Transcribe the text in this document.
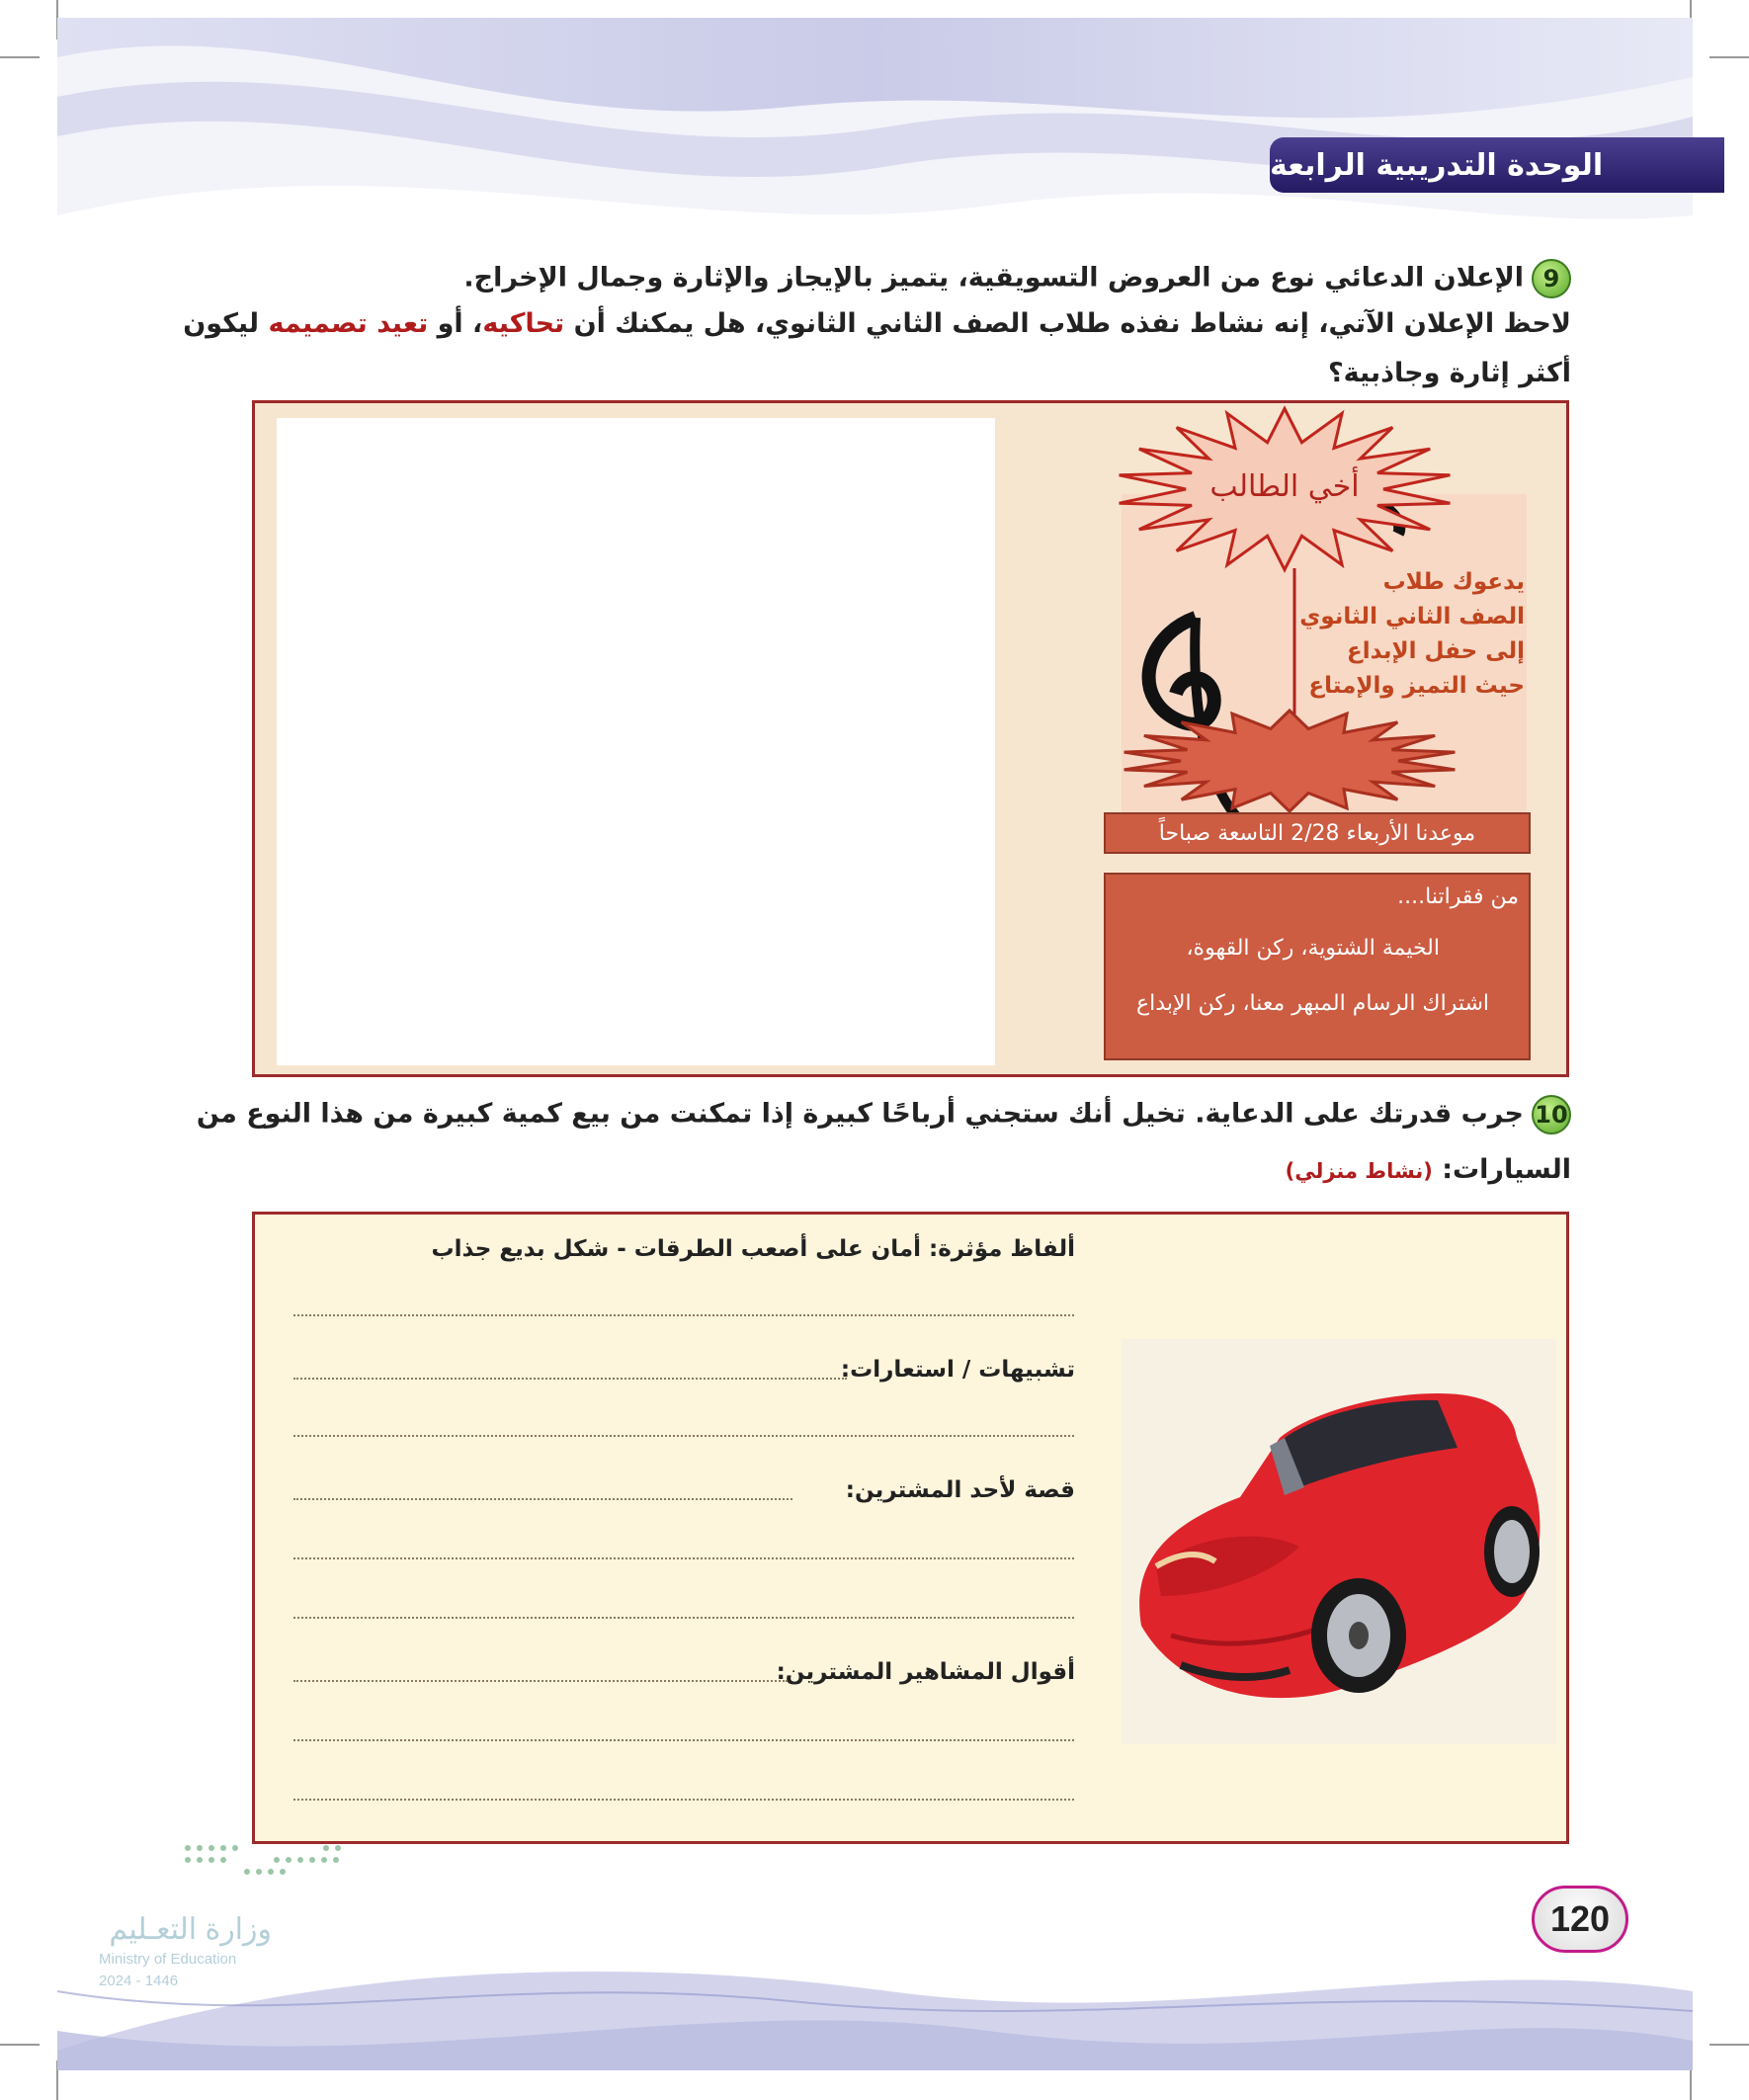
الوحدة التدريبية الرابعة
9الإعلان الدعائي نوع من العروض التسويقية، يتميز بالإيجاز والإثارة وجمال الإخراج.
لاحظ الإعلان الآتي، إنه نشاط نفذه طلاب الصف الثاني الثانوي، هل يمكنك أن تحاكيه، أو تعيد تصميمه ليكون
أكثر إثارة وجاذبية؟
أخي الطالب
يدعوك طلاب
الصف الثاني الثانوي
إلى حفل الإبداع
حيث التميز والإمتاع
موعدنا الأربعاء 2/28 التاسعة صباحاً
من فقراتنا....
الخيمة الشتوية، ركن القهوة،
اشتراك الرسام المبهر معنا، ركن الإبداع
10جرب قدرتك على الدعاية. تخيل أنك ستجني أرباحًا كبيرة إذا تمكنت من بيع كمية كبيرة من هذا النوع من
السيارات: (نشاط منزلي)
ألفاظ مؤثرة: أمان على أصعب الطرقات - شكل بديع جذاب
تشبيهات / استعارات:
قصة لأحد المشترين:
أقوال المشاهير المشترين:
120
وزارة التعـليم
Ministry of Education
2024 - 1446
